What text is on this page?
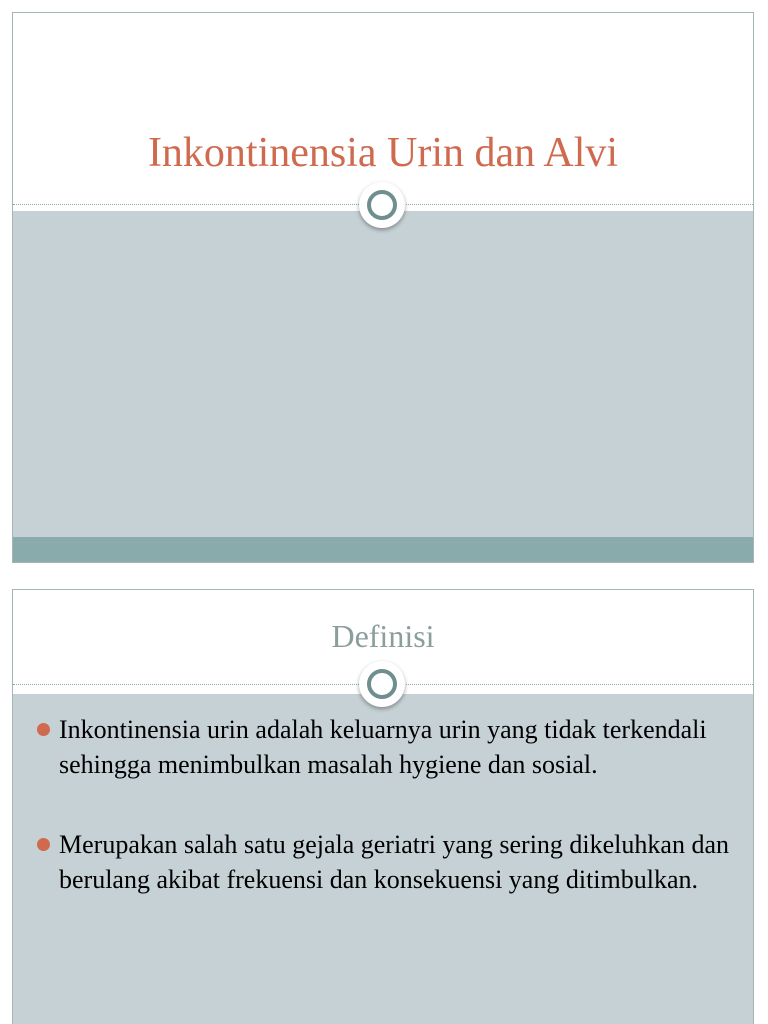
Inkontinensia Urin dan Alvi
Definisi
Inkontinensia urin adalah keluarnya urin yang tidak terkendali sehingga menimbulkan masalah hygiene dan sosial.
Merupakan salah satu gejala geriatri yang sering dikeluhkan dan berulang akibat frekuensi dan konsekuensi yang ditimbulkan.
